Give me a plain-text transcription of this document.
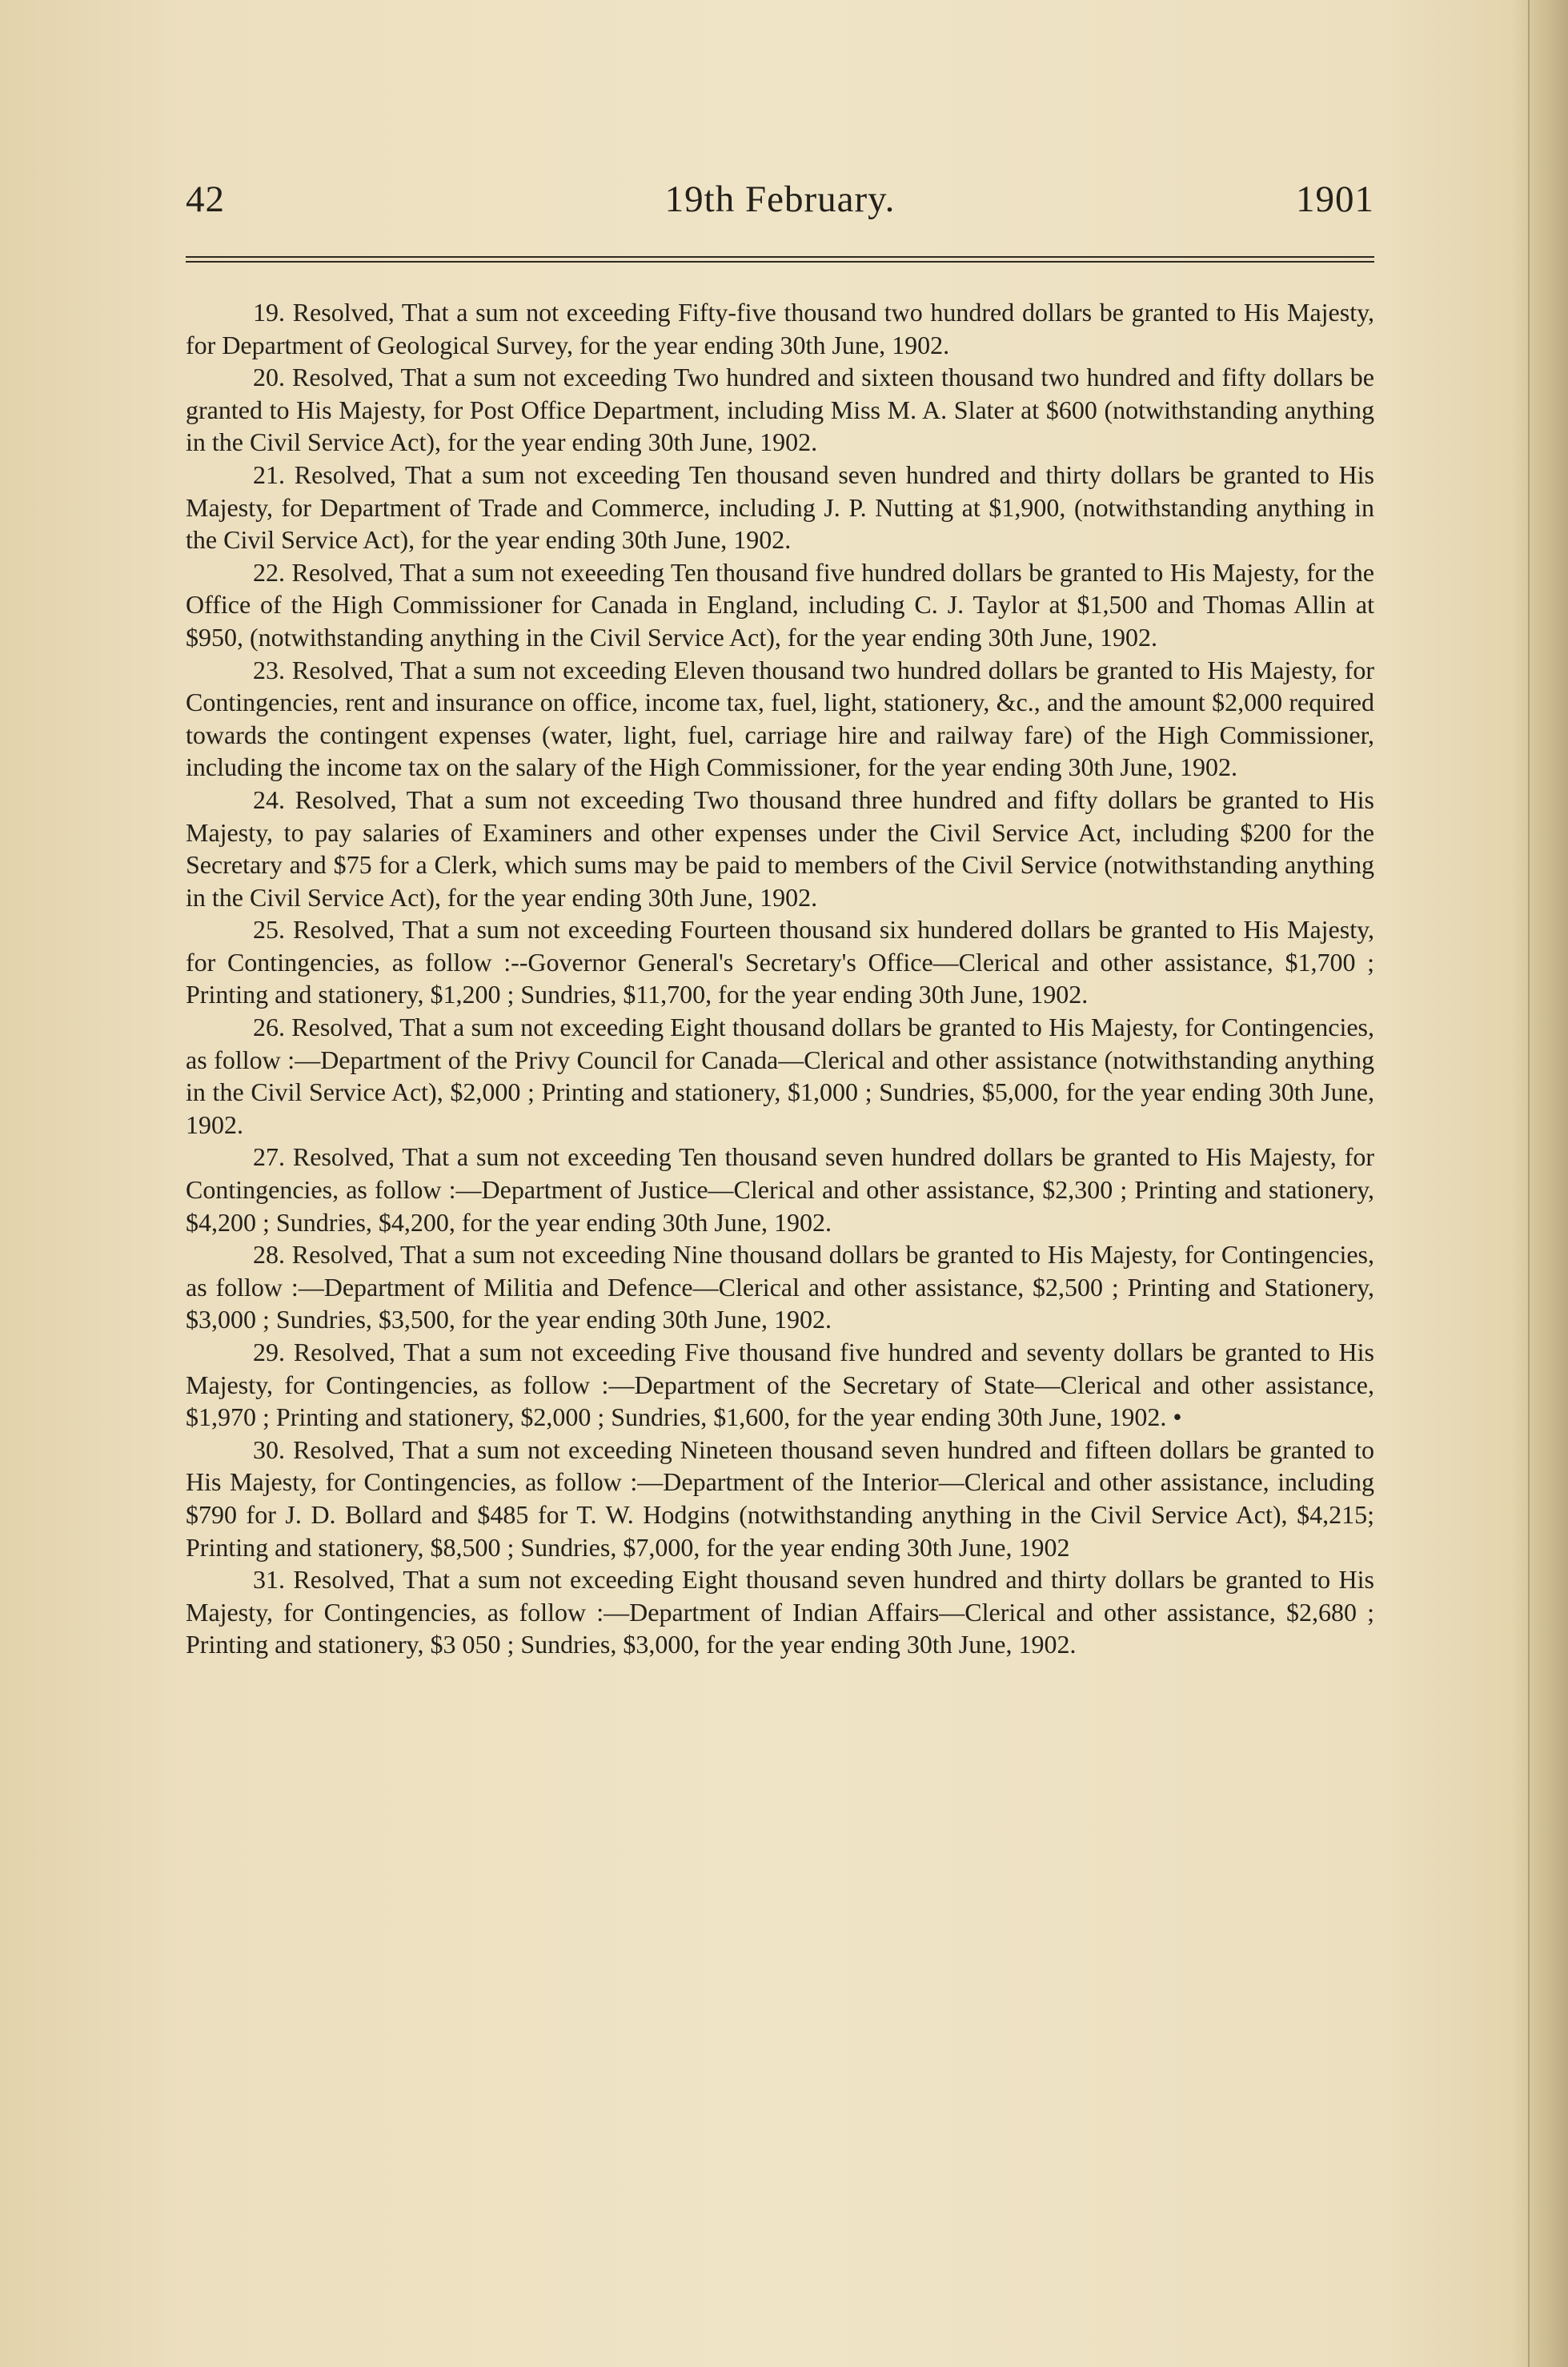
42	19th February.	1901

19. Resolved, That a sum not exceeding Fifty-five thousand two hundred dollars be granted to His Majesty, for Department of Geological Survey, for the year ending 30th June, 1902.

20. Resolved, That a sum not exceeding Two hundred and sixteen thousand two hundred and fifty dollars be granted to His Majesty, for Post Office Department, including Miss M. A. Slater at $600 (notwithstanding anything in the Civil Service Act), for the year ending 30th June, 1902.

21. Resolved, That a sum not exceeding Ten thousand seven hundred and thirty dollars be granted to His Majesty, for Department of Trade and Commerce, including J. P. Nutting at $1,900, (notwithstanding anything in the Civil Service Act), for the year ending 30th June, 1902.

22. Resolved, That a sum not exeeeding Ten thousand five hundred dollars be granted to His Majesty, for the Office of the High Commissioner for Canada in England, including C. J. Taylor at $1,500 and Thomas Allin at $950, (notwithstanding anything in the Civil Service Act), for the year ending 30th June, 1902.

23. Resolved, That a sum not exceeding Eleven thousand two hundred dollars be granted to His Majesty, for Contingencies, rent and insurance on office, income tax, fuel, light, stationery, &c., and the amount $2,000 required towards the contingent expenses (water, light, fuel, carriage hire and railway fare) of the High Commissioner, including the income tax on the salary of the High Commissioner, for the year ending 30th June, 1902.

24. Resolved, That a sum not exceeding Two thousand three hundred and fifty dollars be granted to His Majesty, to pay salaries of Examiners and other expenses under the Civil Service Act, including $200 for the Secretary and $75 for a Clerk, which sums may be paid to members of the Civil Service (notwithstanding anything in the Civil Service Act), for the year ending 30th June, 1902.

25. Resolved, That a sum not exceeding Fourteen thousand six hundered dollars be granted to His Majesty, for Contingencies, as follow :--Governor General's Secretary's Office—Clerical and other assistance, $1,700 ; Printing and stationery, $1,200 ; Sundries, $11,700, for the year ending 30th June, 1902.

26. Resolved, That a sum not exceeding Eight thousand dollars be granted to His Majesty, for Contingencies, as follow :—Department of the Privy Council for Canada—Clerical and other assistance (notwithstanding anything in the Civil Service Act), $2,000 ; Printing and stationery, $1,000 ; Sundries, $5,000, for the year ending 30th June, 1902.

27. Resolved, That a sum not exceeding Ten thousand seven hundred dollars be granted to His Majesty, for Contingencies, as follow :—Department of Justice—Clerical and other assistance, $2,300 ; Printing and stationery, $4,200 ; Sundries, $4,200, for the year ending 30th June, 1902.

28. Resolved, That a sum not exceeding Nine thousand dollars be granted to His Majesty, for Contingencies, as follow :—Department of Militia and Defence—Clerical and other assistance, $2,500 ; Printing and Stationery, $3,000 ; Sundries, $3,500, for the year ending 30th June, 1902.

29. Resolved, That a sum not exceeding Five thousand five hundred and seventy dollars be granted to His Majesty, for Contingencies, as follow :—Department of the Secretary of State—Clerical and other assistance, $1,970 ; Printing and stationery, $2,000 ; Sundries, $1,600, for the year ending 30th June, 1902. •

30. Resolved, That a sum not exceeding Nineteen thousand seven hundred and fifteen dollars be granted to His Majesty, for Contingencies, as follow :—Department of the Interior—Clerical and other assistance, including $790 for J. D. Bollard and $485 for T. W. Hodgins (notwithstanding anything in the Civil Service Act), $4,215; Printing and stationery, $8,500 ; Sundries, $7,000, for the year ending 30th June, 1902

31. Resolved, That a sum not exceeding Eight thousand seven hundred and thirty dollars be granted to His Majesty, for Contingencies, as follow :—Department of Indian Affairs—Clerical and other assistance, $2,680 ; Printing and stationery, $3 050 ; Sundries, $3,000, for the year ending 30th June, 1902.
